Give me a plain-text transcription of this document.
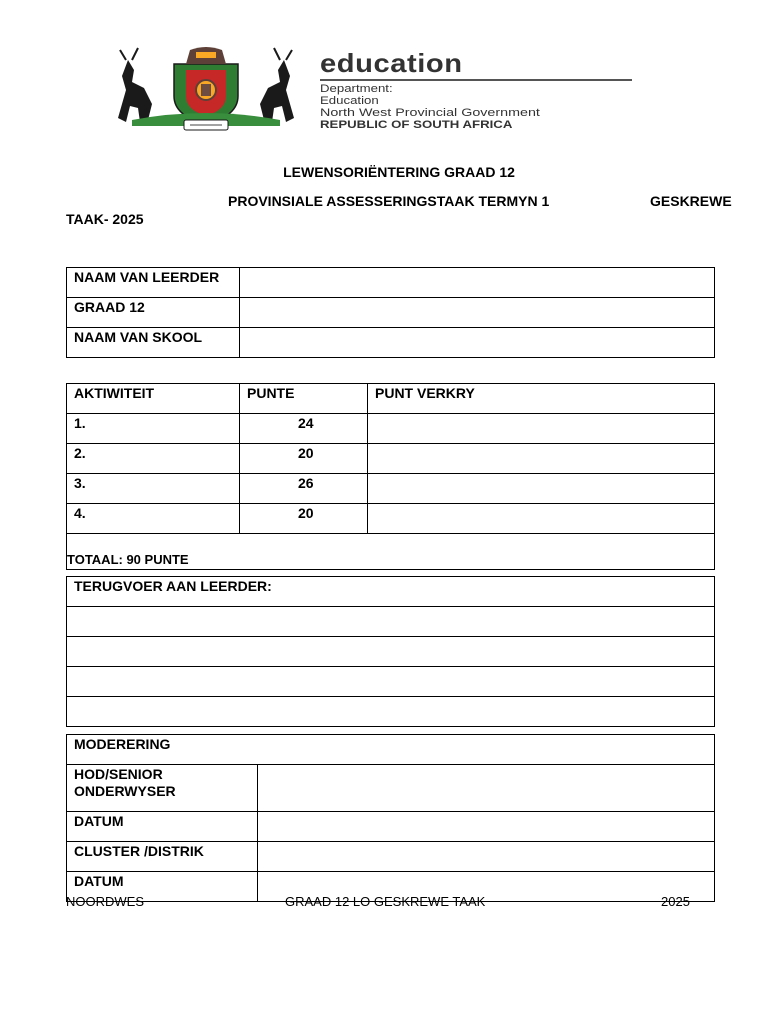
education
Department:
Education
North West Provincial Government
REPUBLIC OF SOUTH AFRICA
LEWENSORIËNTERING GRAAD 12
PROVINSIALE ASSESSERINGSTAAK TERMYN 1	GESKREWE
TAAK- 2025
NAAM VAN LEERDER	
GRAAD 12	
NAAM VAN SKOOL	
AKTIWITEIT	PUNTE	PUNT VERKRY
1.	24	
2.	20	
3.	26	
4.	20	
TOTAAL: 90 PUNTE		
TERUGVOER AAN LEERDER:

MODERERING	
HOD/SENIOR ONDERWYSER	
DATUM	
CLUSTER /DISTRIK	
DATUM	
NOORDWES	GRAAD 12 LO GESKREWE TAAK	2025
